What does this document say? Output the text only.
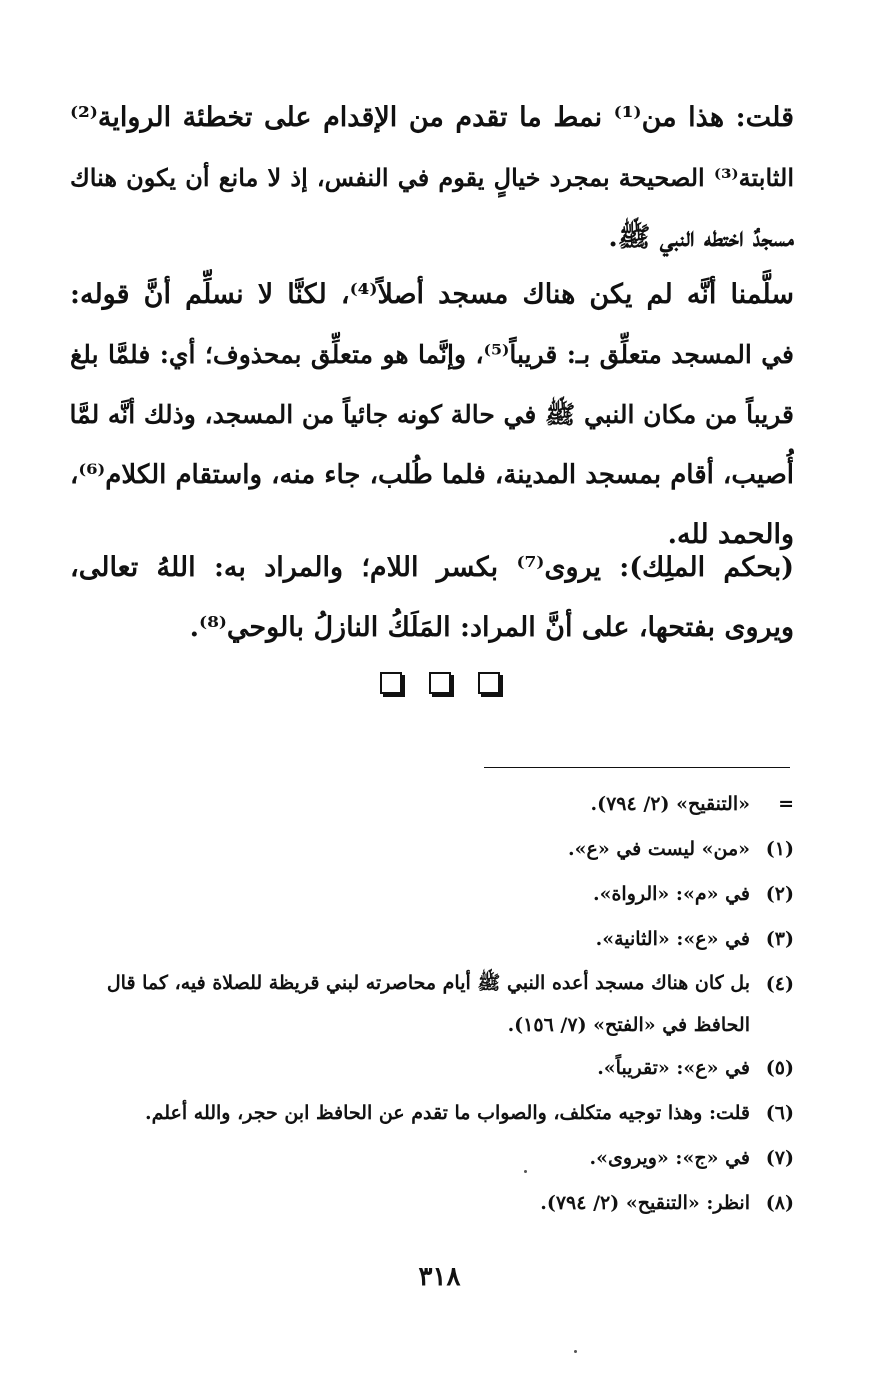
قلت: هذا من⁽¹⁾ نمط ما تقدم من الإقدام على تخطئة الرواية⁽²⁾
الثابتة⁽³⁾ الصحيحة بمجرد خيالٍ يقوم في النفس، إذ لا مانع أن يكون هناك
مسجدٌ اختطه النبي ﷺ.
سلَّمنا أنَّه لم يكن هناك مسجد أصلاً⁽⁴⁾، لكنَّا لا نسلِّم أنَّ قوله:
في المسجد متعلِّق بـ: قريباً⁽⁵⁾، وإنَّما هو متعلِّق بمحذوف؛ أي: فلمَّا بلغ
قريباً من مكان النبي ﷺ في حالة كونه جائياً من المسجد، وذلك أنَّه لمَّا
أُصيب، أقام بمسجد المدينة، فلما طُلب، جاء منه، واستقام الكلام⁽⁶⁾،
والحمد لله.
(بحكم الملِك): يروى⁽⁷⁾ بكسر اللام؛ والمراد به: اللهُ تعالى،
ويروى بفتحها، على أنَّ المراد: المَلَكُ النازلُ بالوحي⁽⁸⁾.
=
«التنقيح» (٢/ ٧٩٤).
(١)
«من» ليست في «ع».
(٢)
في «م»: «الرواة».
(٣)
في «ع»: «الثانية».
(٤)
بل كان هناك مسجد أعده النبي ﷺ أيام محاصرته لبني قريظة للصلاة فيه، كما قال الحافظ في «الفتح» (٧/ ١٥٦).
(٥)
في «ع»: «تقريباً».
(٦)
قلت: وهذا توجيه متكلف، والصواب ما تقدم عن الحافظ ابن حجر، والله أعلم.
(٧)
في «ج»: «ويروى».
(٨)
انظر: «التنقيح» (٢/ ٧٩٤).
٣١٨
